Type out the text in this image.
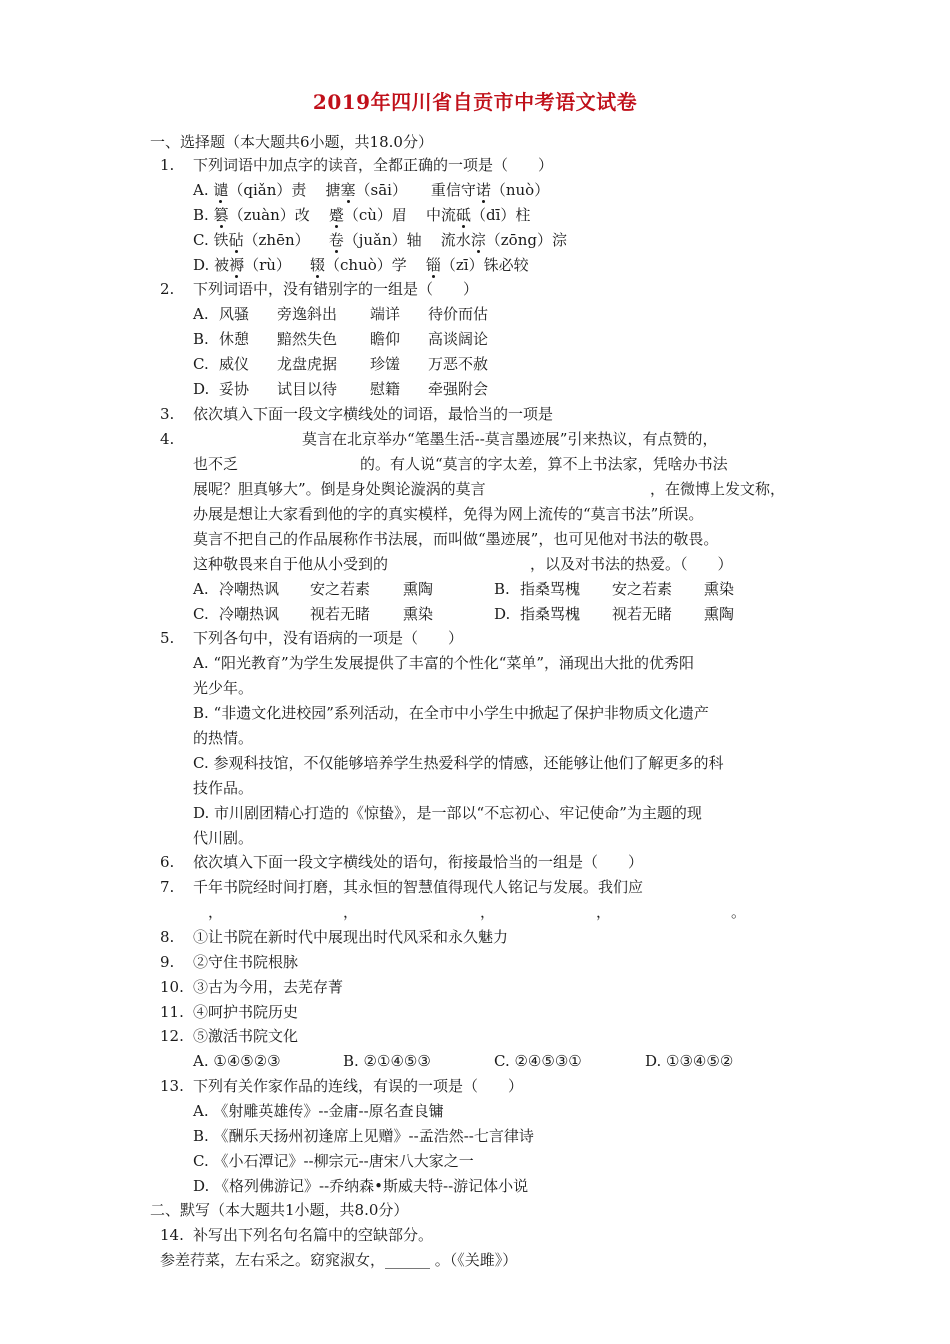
2019年四川省自贡市中考语文试卷
一、选择题（本大题共6小题，共18.0分）
1. 下列词语中加点字的读音，全都正确的一项是（　　）
A. 谴（qiǎn）责 搪塞（sāi） 重信守诺（nuò）
B. 篡（zuàn）改 蹙（cù）眉 中流砥（dī）柱
C. 铁砧（zhēn） 卷（juǎn）轴 流水淙（zōng）淙
D. 被褥（rù） 辍（chuò）学 锱（zī）铢必较
2. 下列词语中，没有错别字的一组是（　　）
A. 风骚 旁逸斜出 端详 待价而估
B. 休憩 黯然失色 瞻仰 高谈阔论
C. 威仪 龙盘虎据 珍馐 万恶不赦
D. 妥协 试目以待 慰籍 牵强附会
3. 依次填入下面一段文字横线处的词语，最恰当的一项是
4.	莫言在北京举办“笔墨生活--莫言墨迹展”引来热议，有点赞的，
也不乏	的。有人说“莫言的字太差，算不上书法家，凭啥办书法
展呢？胆真够大”。倒是身处舆论漩涡的莫言	，在微博上发文称，
办展是想让大家看到他的字的真实模样，免得为网上流传的“莫言书法”所误。
莫言不把自己的作品展称作书法展，而叫做“墨迹展”，也可见他对书法的敬畏。
这种敬畏来自于他从小受到的	，以及对书法的热爱。（　　）
A. 冷嘲热讽 安之若素 熏陶	B. 指桑骂槐 安之若素 熏染
C. 冷嘲热讽 视若无睹 熏染	D. 指桑骂槐 视若无睹 熏陶
5. 下列各句中，没有语病的一项是（　　）
A. “阳光教育”为学生发展提供了丰富的个性化“菜单”，涌现出大批的优秀阳
光少年。
B. “非遗文化进校园”系列活动，在全市中小学生中掀起了保护非物质文化遗产
的热情。
C. 参观科技馆，不仅能够培养学生热爱科学的情感，还能够让他们了解更多的科
技作品。
D. 市川剧团精心打造的《惊蛰》，是一部以“不忘初心、牢记使命”为主题的现
代川剧。
6. 依次填入下面一段文字横线处的语句，衔接最恰当的一组是（　　）
7. 千年书院经时间打磨，其永恒的智慧值得现代人铭记与发展。我们应
，	，	，	，	。
8. ①让书院在新时代中展现出时代风采和永久魅力
9. ②守住书院根脉
10. ③古为今用，去芜存菁
11. ④呵护书院历史
12. ⑤激活书院文化
A. ①④⑤②③	B. ②①④⑤③	C. ②④⑤③①	D. ①③④⑤②
13. 下列有关作家作品的连线，有误的一项是（　　）
A. 《射雕英雄传》--金庸--原名查良镛
B. 《酬乐天扬州初逢席上见赠》--孟浩然--七言律诗
C. 《小石潭记》--柳宗元--唐宋八大家之一
D. 《格列佛游记》--乔纳森•斯威夫特--游记体小说
二、默写（本大题共1小题，共8.0分）
14. 补写出下列名句名篇中的空缺部分。
参差荇菜，左右采之。窈窕淑女，______ 。（《关雎》）
